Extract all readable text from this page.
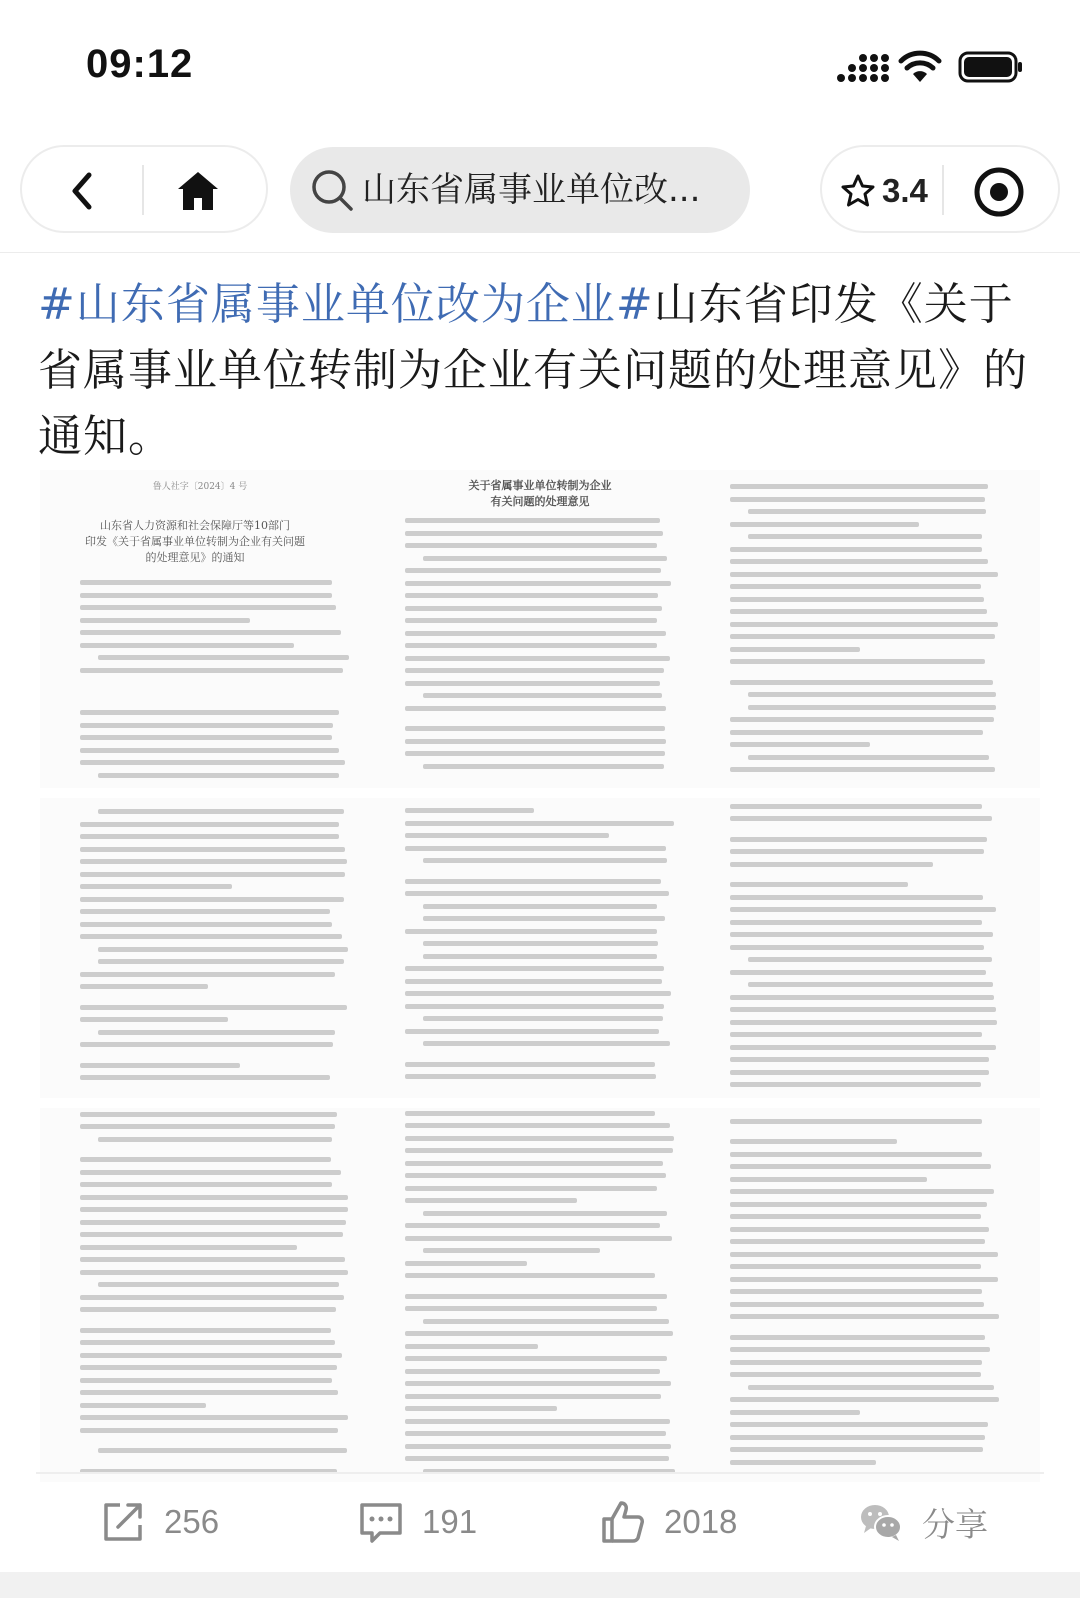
09:12
山东省属事业单位改...	3.4
#山东省属事业单位改为企业#山东省印发《关于省属事业单位转制为企业有关问题的处理意见》的通知。
鲁人社字〔2024〕4 号
山东省人力资源和社会保障厅等10部门
印发《关于省属事业单位转制为企业有关问题
的处理意见》的通知
关于省属事业单位转制为企业
有关问题的处理意见
256	191	2018	分享
